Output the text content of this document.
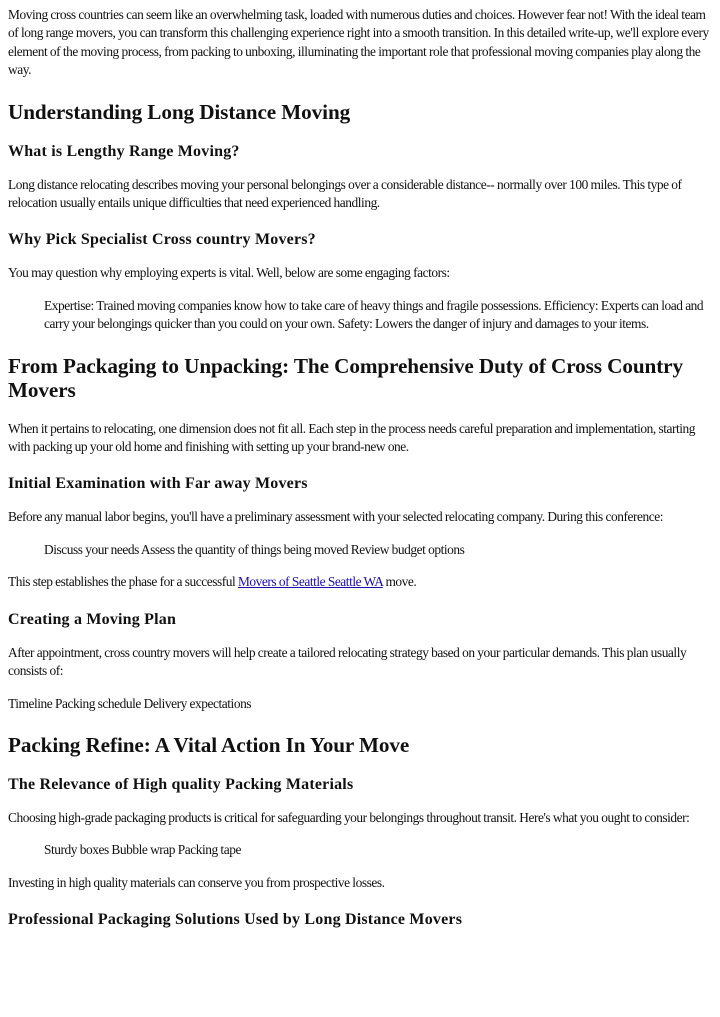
Moving cross countries can seem like an overwhelming task, loaded with numerous duties and choices. However fear not! With the ideal team of long range movers, you can transform this challenging experience right into a smooth transition. In this detailed write-up, we'll explore every element of the moving process, from packing to unboxing, illuminating the important role that professional moving companies play along the way.

Understanding Long Distance Moving
What is Lengthy Range Moving?

Long distance relocating describes moving your personal belongings over a considerable distance-- normally over 100 miles. This type of relocation usually entails unique difficulties that need experienced handling.

Why Pick Specialist Cross country Movers?

You may question why employing experts is vital. Well, below are some engaging factors:

Expertise: Trained moving companies know how to take care of heavy things and fragile possessions. Efficiency: Experts can load and carry your belongings quicker than you could on your own. Safety: Lowers the danger of injury and damages to your items.

From Packaging to Unpacking: The Comprehensive Duty of Cross Country Movers

When it pertains to relocating, one dimension does not fit all. Each step in the process needs careful preparation and implementation, starting with packing up your old home and finishing with setting up your brand-new one.

Initial Examination with Far away Movers

Before any manual labor begins, you'll have a preliminary assessment with your selected relocating company. During this conference:

Discuss your needs Assess the quantity of things being moved Review budget options

This step establishes the phase for a successful Movers of Seattle Seattle WA move.

Creating a Moving Plan

After appointment, cross country movers will help create a tailored relocating strategy based on your particular demands. This plan usually consists of:

Timeline Packing schedule Delivery expectations

Packing Refine: A Vital Action In Your Move
The Relevance of High quality Packing Materials

Choosing high-grade packaging products is critical for safeguarding your belongings throughout transit. Here's what you ought to consider:

Sturdy boxes Bubble wrap Packing tape

Investing in high quality materials can conserve you from prospective losses.

Professional Packaging Solutions Used by Long Distance Movers
